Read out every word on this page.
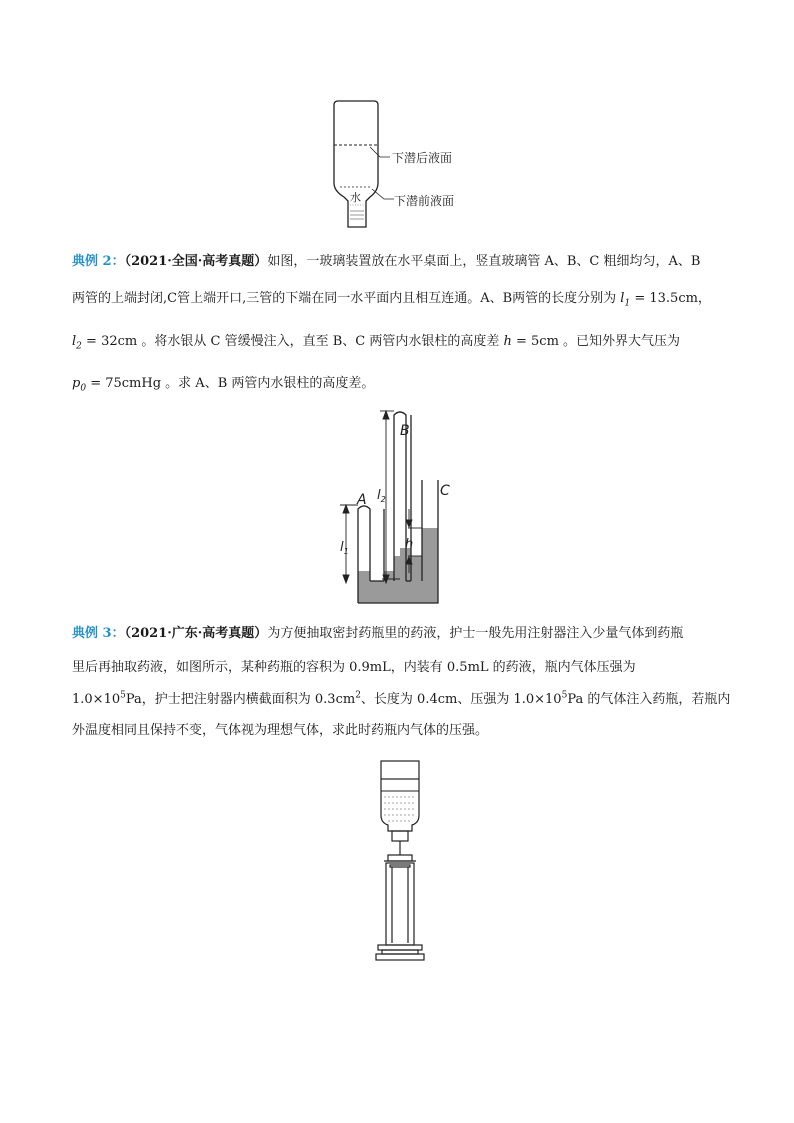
下潜后液面
下潜前液面
水
典例 2：（2021·全国·高考真题）如图，一玻璃装置放在水平桌面上，竖直玻璃管 A、B、C 粗细均匀，A、B
两管的上端封闭,C管上端开口,三管的下端在同一水平面内且相互连通。A、B两管的长度分别为 $l_1 = 13.5cm$，
$l_2 = 32cm$ 。将水银从 C 管缓慢注入，直至 B、C 两管内水银柱的高度差 h = 5cm 。已知外界大气压为
$p_0$ = 75cmHg 。求 A、B 两管内水银柱的高度差。
B
C
A
$l_1$
$l_2$
h
典例 3：（2021·广东·高考真题）为方便抽取密封药瓶里的药液，护士一般先用注射器注入少量气体到药瓶
里后再抽取药液，如图所示，某种药瓶的容积为 0.9mL，内装有 0.5mL 的药液，瓶内气体压强为
$1.0\times 10^5Pa$，护士把注射器内横截面积为 $0.3cm^2$、长度为 0.4cm、压强为 $1.0\times 10^5Pa$ 的气体注入药瓶，若瓶内
外温度相同且保持不变，气体视为理想气体，求此时药瓶内气体的压强。
